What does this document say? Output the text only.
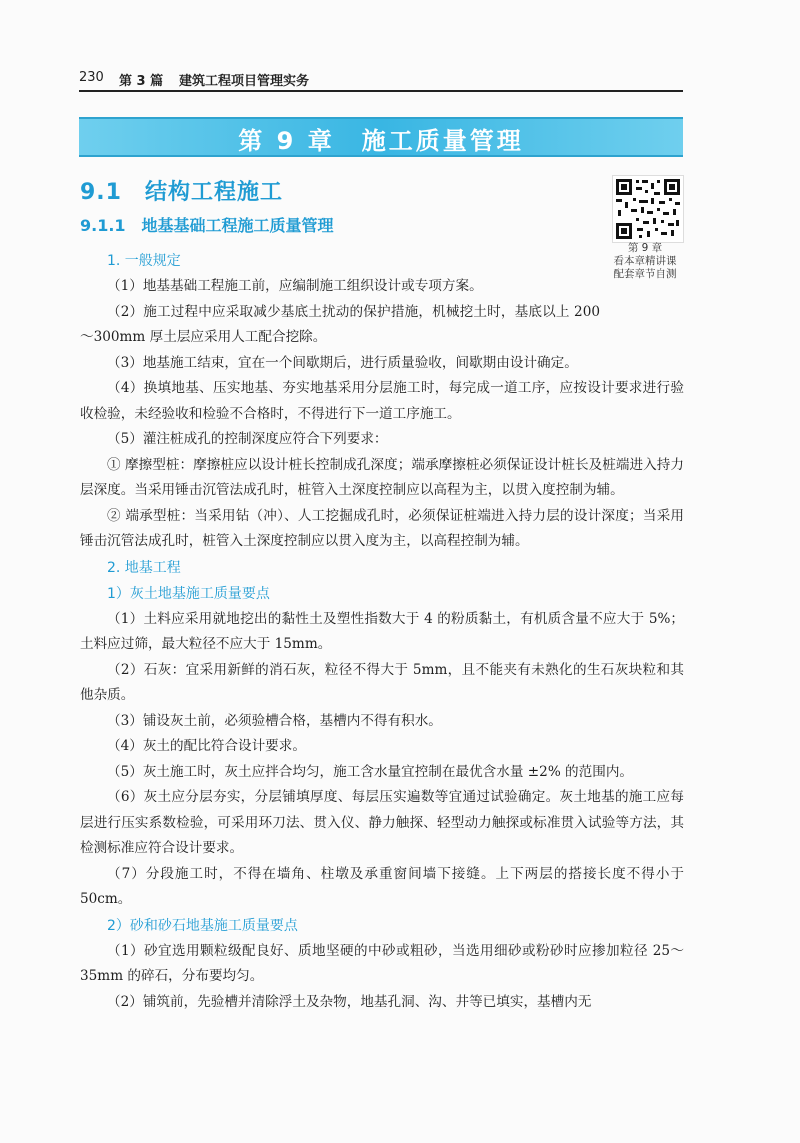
230 第 3 篇 建筑工程项目管理实务
第 9 章　施工质量管理
9.1　结构工程施工
9.1.1　地基基础工程施工质量管理
第 9 章
看本章精讲课
配套章节自测
1. 一般规定

（1）地基基础工程施工前，应编制施工组织设计或专项方案。

（2）施工过程中应采取减少基底土扰动的保护措施，机械挖土时，基底以上 200～300mm 厚土层应采用人工配合挖除。

（3）地基施工结束，宜在一个间歇期后，进行质量验收，间歇期由设计确定。

（4）换填地基、压实地基、夯实地基采用分层施工时，每完成一道工序，应按设计要求进行验收检验，未经验收和检验不合格时，不得进行下一道工序施工。

（5）灌注桩成孔的控制深度应符合下列要求：

① 摩擦型桩：摩擦桩应以设计桩长控制成孔深度；端承摩擦桩必须保证设计桩长及桩端进入持力层深度。当采用锤击沉管法成孔时，桩管入土深度控制应以高程为主，以贯入度控制为辅。

② 端承型桩：当采用钻（冲）、人工挖掘成孔时，必须保证桩端进入持力层的设计深度；当采用锤击沉管法成孔时，桩管入土深度控制应以贯入度为主，以高程控制为辅。

2. 地基工程
1）灰土地基施工质量要点

（1）土料应采用就地挖出的黏性土及塑性指数大于 4 的粉质黏土，有机质含量不应大于 5%；土料应过筛，最大粒径不应大于 15mm。

（2）石灰：宜采用新鲜的消石灰，粒径不得大于 5mm，且不能夹有未熟化的生石灰块粒和其他杂质。

（3）铺设灰土前，必须验槽合格，基槽内不得有积水。

（4）灰土的配比符合设计要求。

（5）灰土施工时，灰土应拌合均匀，施工含水量宜控制在最优含水量 ±2% 的范围内。

（6）灰土应分层夯实，分层铺填厚度、每层压实遍数等宜通过试验确定。灰土地基的施工应每层进行压实系数检验，可采用环刀法、贯入仪、静力触探、轻型动力触探或标准贯入试验等方法，其检测标准应符合设计要求。

（7）分段施工时，不得在墙角、柱墩及承重窗间墙下接缝。上下两层的搭接长度不得小于 50cm。

2）砂和砂石地基施工质量要点

（1）砂宜选用颗粒级配良好、质地坚硬的中砂或粗砂，当选用细砂或粉砂时应掺加粒径 25～35mm 的碎石，分布要均匀。

（2）铺筑前，先验槽并清除浮土及杂物，地基孔洞、沟、井等已填实，基槽内无
